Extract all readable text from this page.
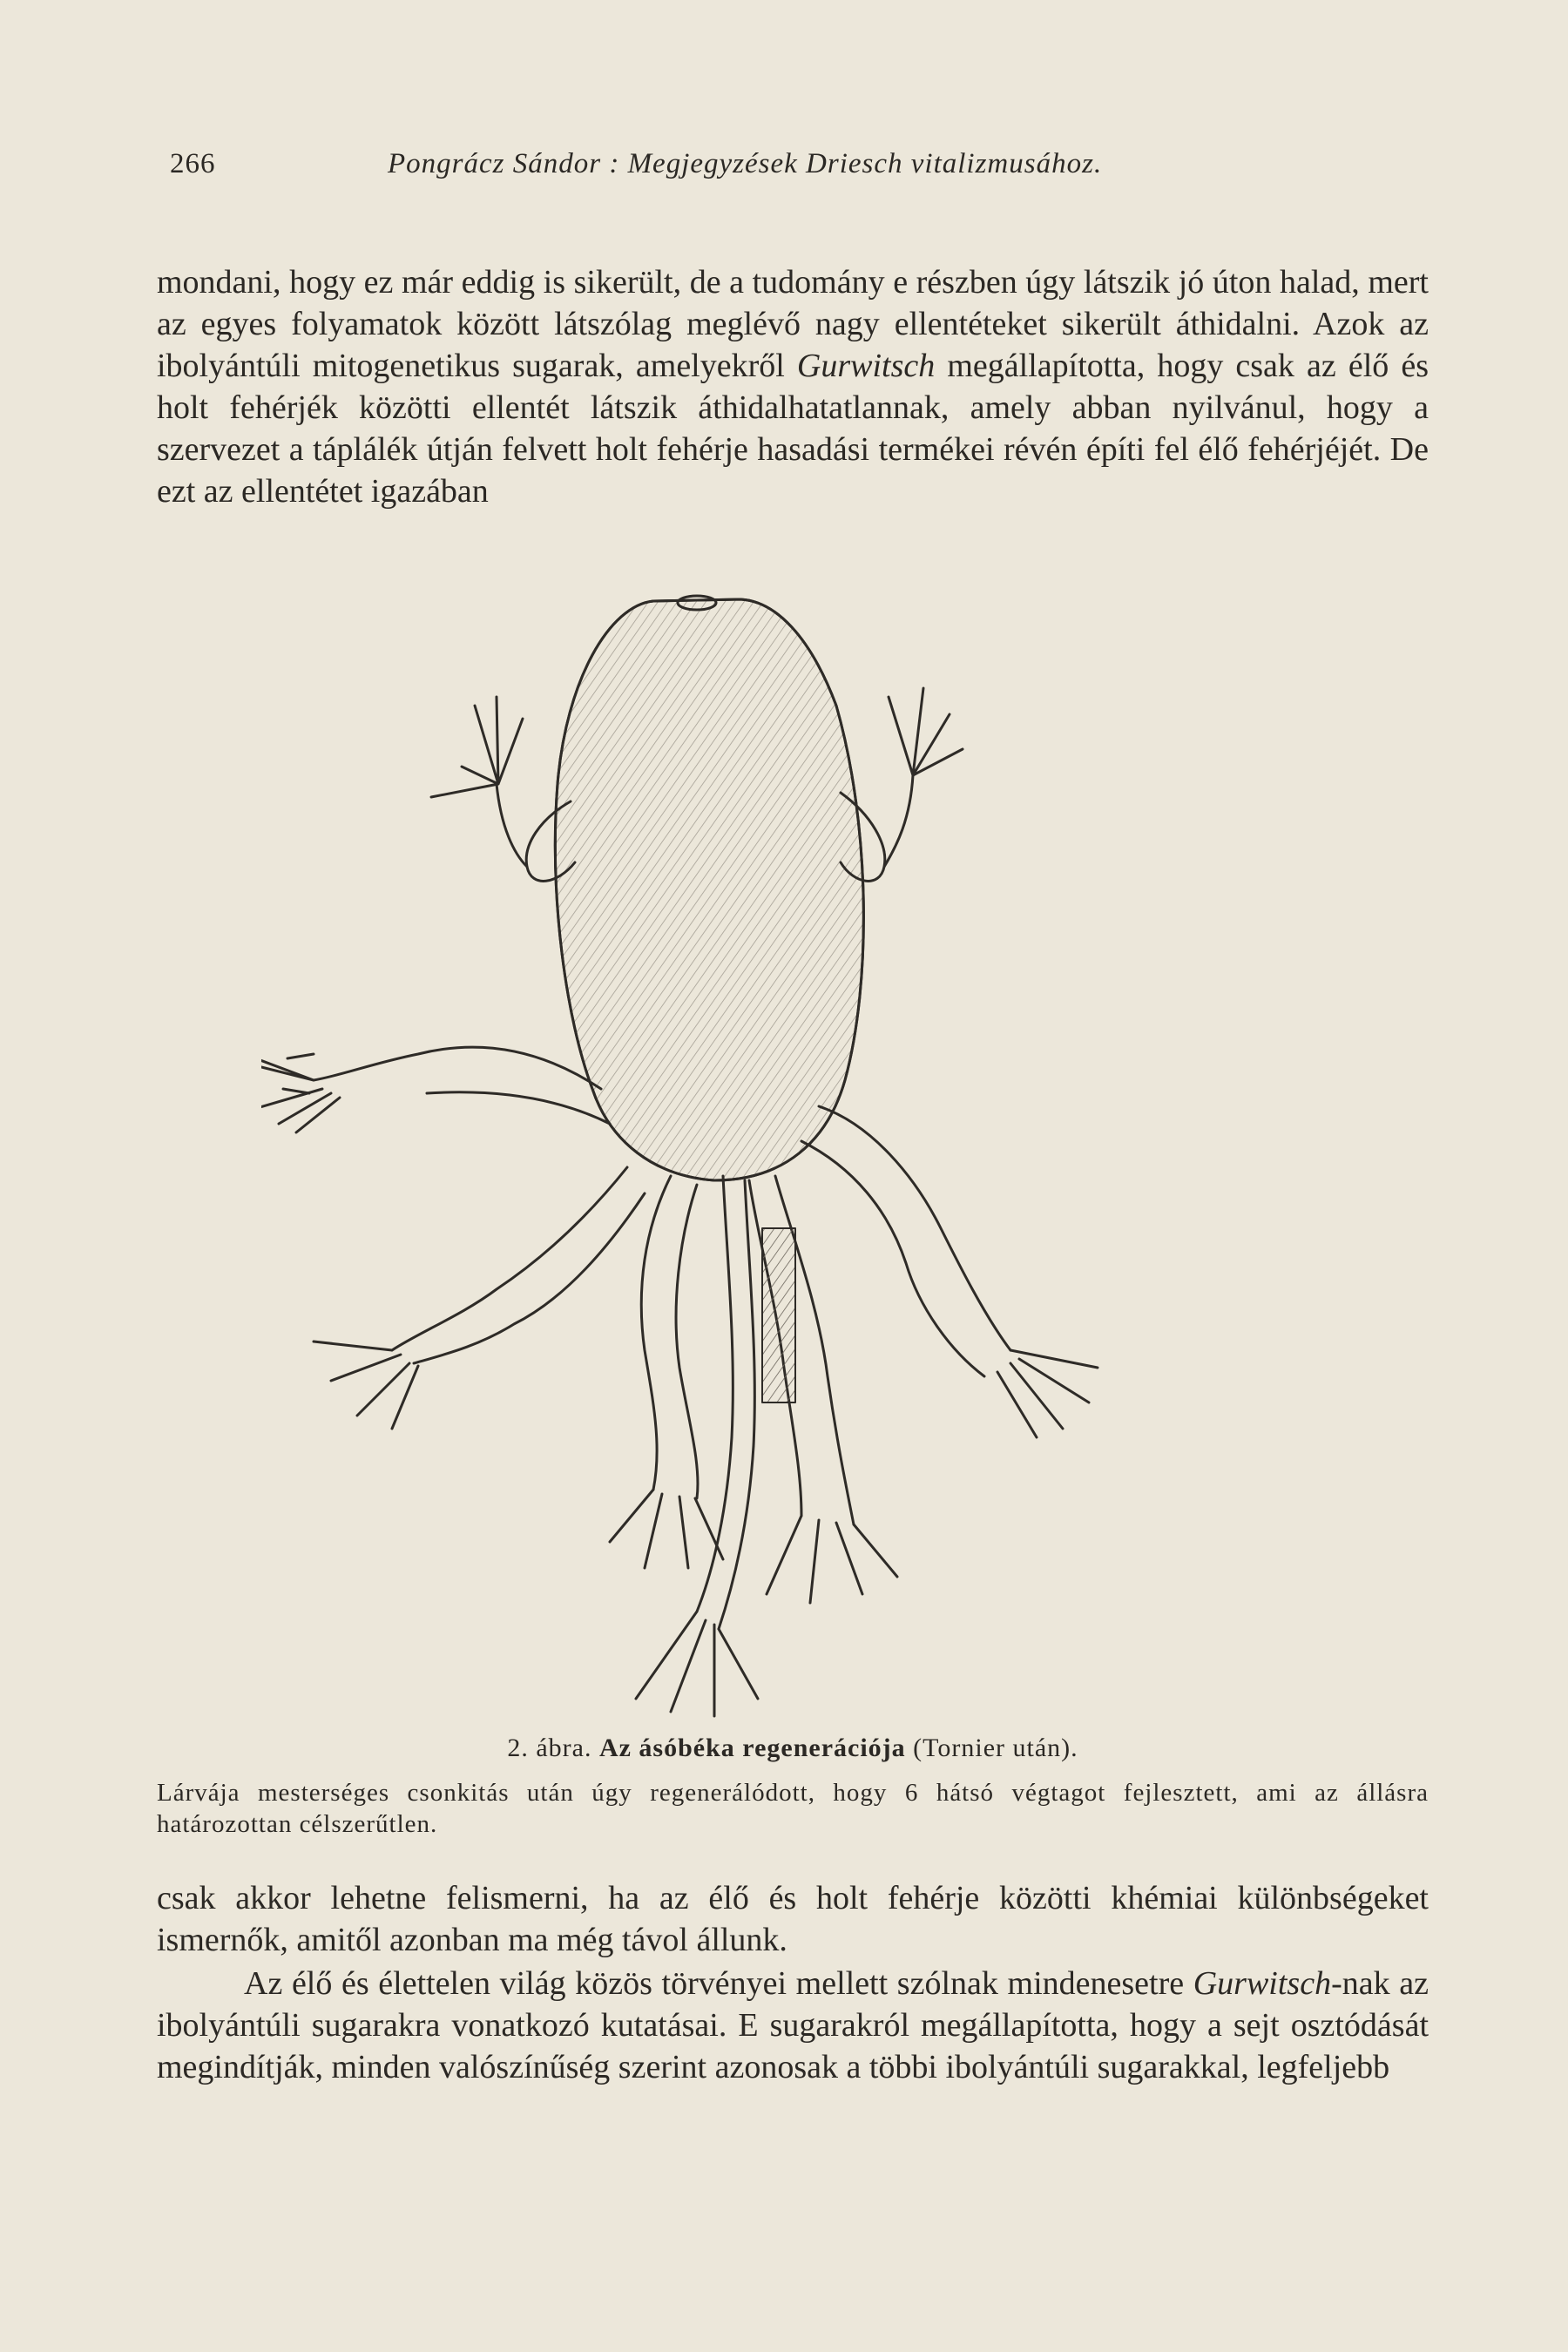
266	Pongrácz Sándor : Megjegyzések Driesch vitalizmusához.

mondani, hogy ez már eddig is sikerült, de a tudomány e részben úgy látszik jó úton halad, mert az egyes folyamatok között látszólag meglévő nagy ellentéteket sikerült áthidalni. Azok az ibolyántúli mitogenetikus sugarak, amelyekről Gurwitsch megállapította, hogy csak az élő és holt fehérjék közötti ellentét látszik áthidalhatatlannak, amely abban nyilvánul, hogy a szervezet a táplálék útján felvett holt fehérje hasadási termékei révén építi fel élő fehérjéjét. De ezt az ellentétet igazában

2. ábra. Az ásóbéka regenerációja (Tornier után).
Lárvája mesterséges csonkitás után úgy regenerálódott, hogy 6 hátsó végtagot fejlesztett, ami az állásra határozottan célszerűtlen.

csak akkor lehetne felismerni, ha az élő és holt fehérje közötti khémiai különbségeket ismernők, amitől azonban ma még távol állunk.

Az élő és élettelen világ közös törvényei mellett szólnak mindenesetre Gurwitsch-nak az ibolyántúli sugarakra vonatkozó kutatásai. E sugarakról megállapította, hogy a sejt osztódását megindítják, minden valószínűség szerint azonosak a többi ibolyántúli sugarakkal, legfeljebb
